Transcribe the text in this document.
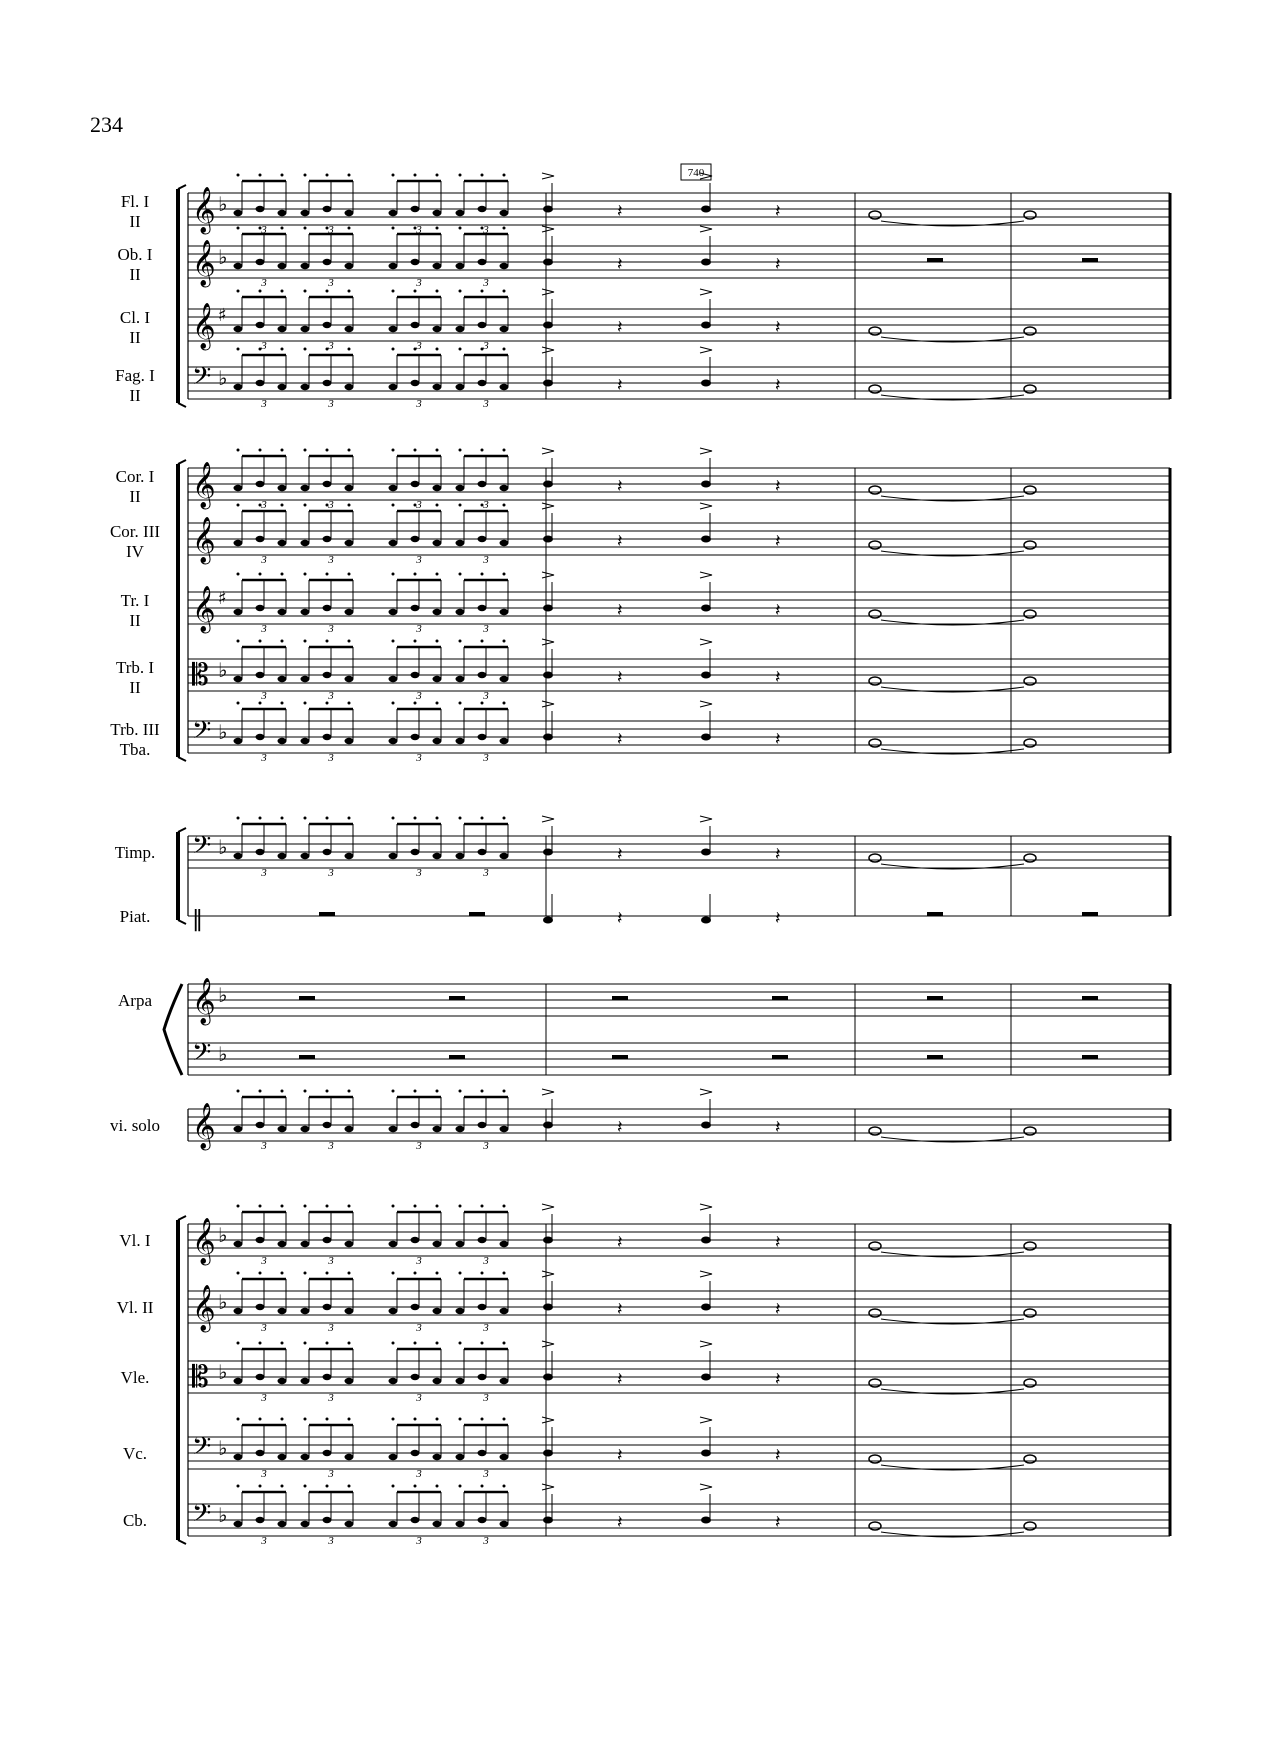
234
Fl. I
II 𝄞 ♭
Ob. I
II 𝄞 ♭
Cl. I
II 𝄞 ♯
Fag. I
II 𝄢 ♭
Cor. I
II 𝄞
Cor. III
IV 𝄞
Tr. I
II 𝄞 ♯
Trb. I
II 𝄡 ♭
Trb. III
Tba. 𝄢 ♭
Timp. 𝄢 ♭
Piat. ‖
Arpa 𝄞 ♭
𝄢 ♭
vi. solo 𝄞
Vl. I 𝄞 ♭
Vl. II 𝄞 ♭
Vle. 𝄡 ♭
Vc. 𝄢 ♭
Cb. 𝄢 ♭
3	3	3	3
𝄽	𝄽
3	3	3	3
𝄽	𝄽
3	3	3	3
𝄽	𝄽
3	3	3	3
𝄽	𝄽
3	3	3	3
𝄽	𝄽
3	3	3	3
𝄽	𝄽
3	3	3	3
𝄽	𝄽
3	3	3	3
𝄽	𝄽
3	3	3	3
𝄽	𝄽
3	3	3	3
𝄽	𝄽
𝄽	𝄽
3	3	3	3
𝄽	𝄽
3	3	3	3
𝄽	𝄽
3	3	3	3
𝄽	𝄽
3	3	3	3
𝄽	𝄽
3	3	3	3
𝄽	𝄽
3	3	3	3
𝄽	𝄽
740
